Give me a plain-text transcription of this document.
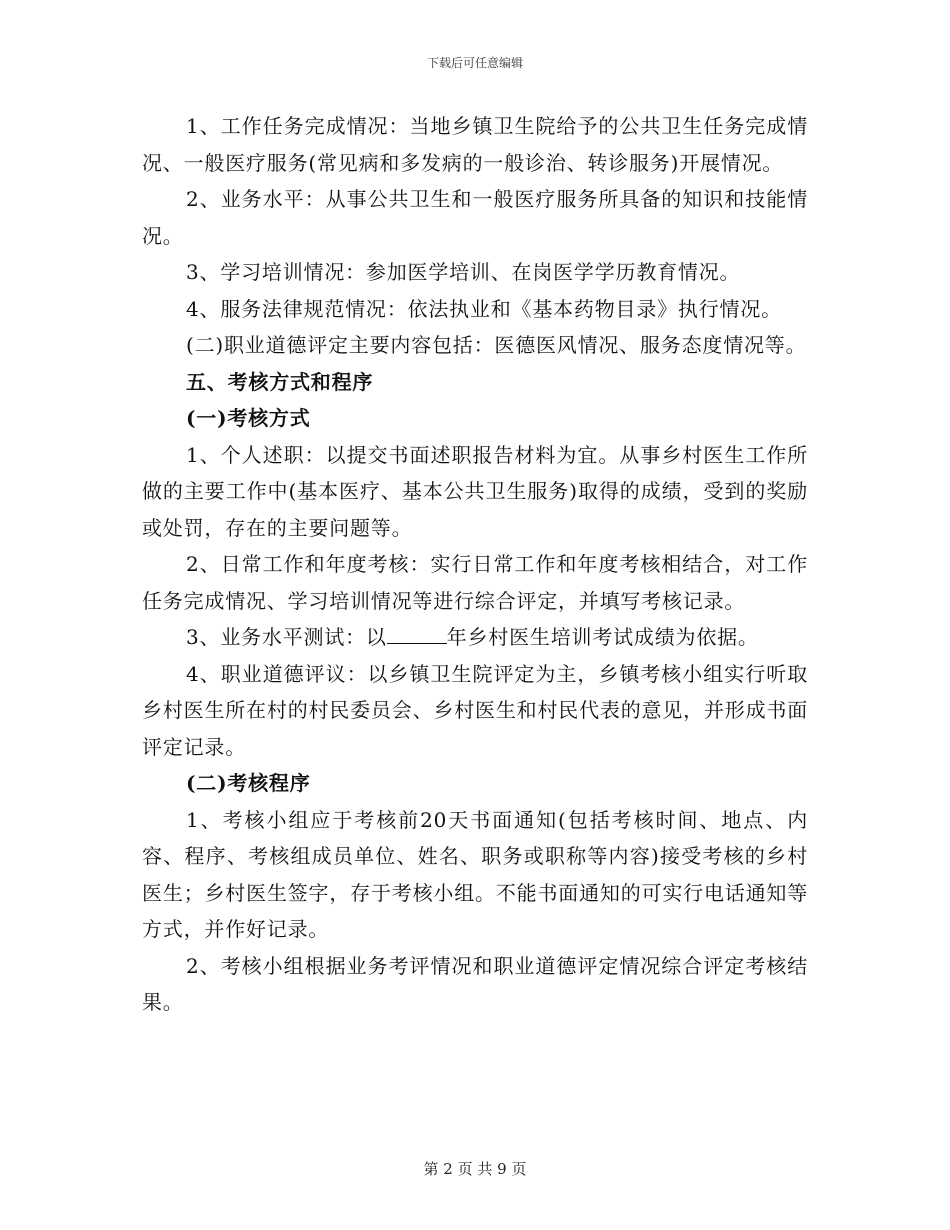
下载后可任意编辑

1、工作任务完成情况：当地乡镇卫生院给予的公共卫生任务完成情况、一般医疗服务(常见病和多发病的一般诊治、转诊服务)开展情况。

2、业务水平：从事公共卫生和一般医疗服务所具备的知识和技能情况。

3、学习培训情况：参加医学培训、在岗医学学历教育情况。

4、服务法律规范情况：依法执业和《基本药物目录》执行情况。

(二)职业道德评定主要内容包括：医德医风情况、服务态度情况等。

五、考核方式和程序

(一)考核方式

1、个人述职：以提交书面述职报告材料为宜。从事乡村医生工作所做的主要工作中(基本医疗、基本公共卫生服务)取得的成绩，受到的奖励或处罚，存在的主要问题等。

2、日常工作和年度考核：实行日常工作和年度考核相结合，对工作任务完成情况、学习培训情况等进行综合评定，并填写考核记录。

3、业务水平测试：以	年乡村医生培训考试成绩为依据。

4、职业道德评议：以乡镇卫生院评定为主，乡镇考核小组实行听取乡村医生所在村的村民委员会、乡村医生和村民代表的意见，并形成书面评定记录。

(二)考核程序

1、考核小组应于考核前20天书面通知(包括考核时间、地点、内容、程序、考核组成员单位、姓名、职务或职称等内容)接受考核的乡村医生；乡村医生签字，存于考核小组。不能书面通知的可实行电话通知等方式，并作好记录。

2、考核小组根据业务考评情况和职业道德评定情况综合评定考核结果。

第 2 页 共 9 页
